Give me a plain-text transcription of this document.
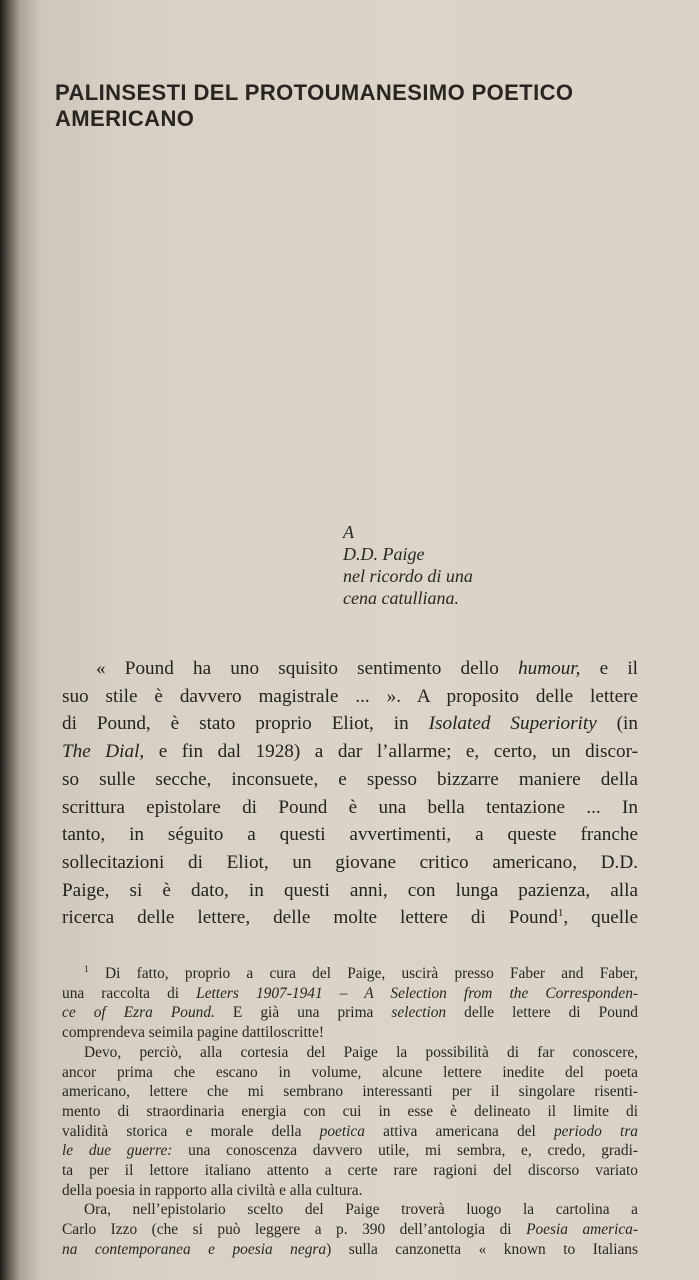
PALINSESTI DEL PROTOUMANESIMO POETICO
AMERICANO
A
D.D. Paige
nel ricordo di una
cena catulliana.
« Pound ha uno squisito sentimento dello humour, e il
suo stile è davvero magistrale ... ». A proposito delle lettere
di Pound, è stato proprio Eliot, in Isolated Superiority (in
The Dial, e fin dal 1928) a dar l’allarme; e, certo, un discor-
so sulle secche, inconsuete, e spesso bizzarre maniere della
scrittura epistolare di Pound è una bella tentazione ... In
tanto, in séguito a questi avvertimenti, a queste franche
sollecitazioni di Eliot, un giovane critico americano, D.D.
Paige, si è dato, in questi anni, con lunga pazienza, alla
ricerca delle lettere, delle molte lettere di Pound$^1$, quelle
$^1$ Di fatto, proprio a cura del Paige, uscirà presso Faber and Faber,
una raccolta di Letters 1907-1941 – A Selection from the Corresponden-
ce of Ezra Pound. E già una prima selection delle lettere di Pound
comprendeva seimila pagine dattiloscritte!
Devo, perciò, alla cortesia del Paige la possibilità di far conoscere,
ancor prima che escano in volume, alcune lettere inedite del poeta
americano, lettere che mi sembrano interessanti per il singolare risenti-
mento di straordinaria energia con cui in esse è delineato il limite di
validità storica e morale della poetica attiva americana del periodo tra
le due guerre: una conoscenza davvero utile, mi sembra, e, credo, gradi-
ta per il lettore italiano attento a certe rare ragioni del discorso variato
della poesia in rapporto alla civiltà e alla cultura.
Ora, nell’epistolario scelto del Paige troverà luogo la cartolina a
Carlo Izzo (che si può leggere a p. 390 dell’antologia di Poesia america-
na contemporanea e poesia negra) sulla canzonetta « known to Italians
